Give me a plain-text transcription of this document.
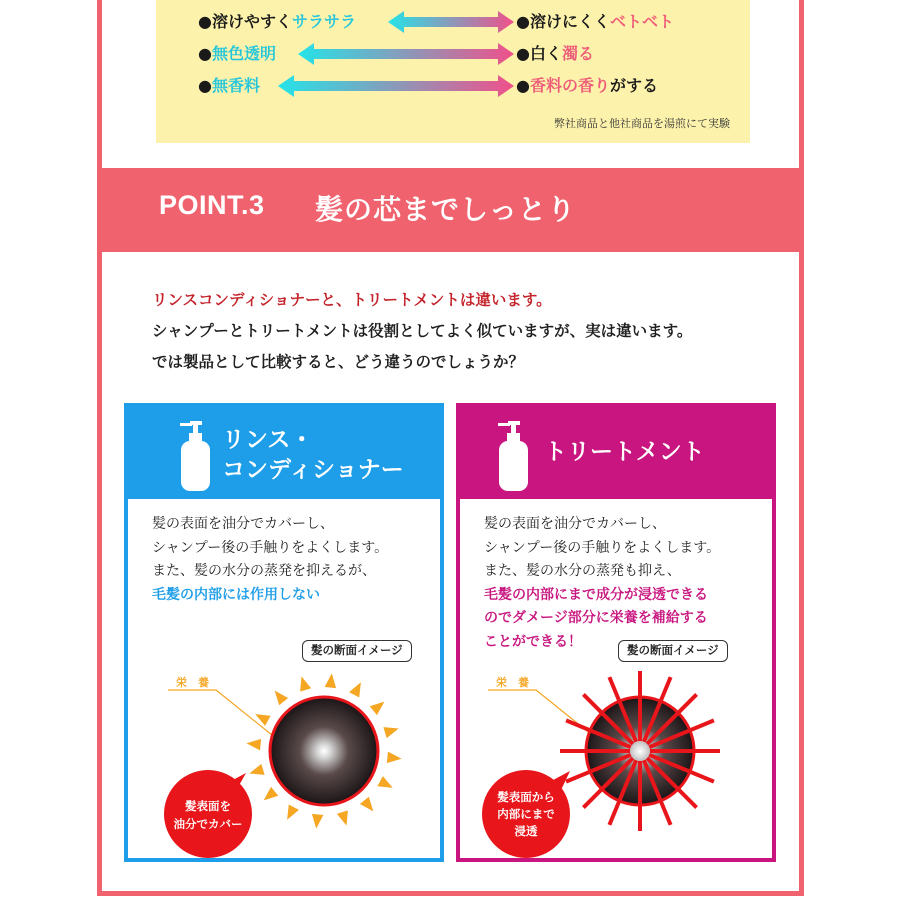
●溶けやすくサラサラ	●溶けにくくベトベト
●無色透明	●白く濁る
●無香料	●香料の香りがする
弊社商品と他社商品を湯煎にて実験
POINT.3 髪の芯までしっとり
リンスコンディショナーと、トリートメントは違います。
シャンプーとトリートメントは役割としてよく似ていますが、実は違います。
では製品として比較すると、どう違うのでしょうか？
リンス・
コンディショナー
髪の表面を油分でカバーし、
シャンプー後の手触りをよくします。
また、髪の水分の蒸発を抑えるが、
毛髪の内部には作用しない
髪の断面イメージ
栄　養
髪表面を
油分でカバー
トリートメント
髪の表面を油分でカバーし、
シャンプー後の手触りをよくします。
また、髪の水分の蒸発も抑え、
毛髪の内部にまで成分が浸透できる
のでダメージ部分に栄養を補給する
ことができる！
髪の断面イメージ
栄　養
髪表面から
内部にまで
浸透
